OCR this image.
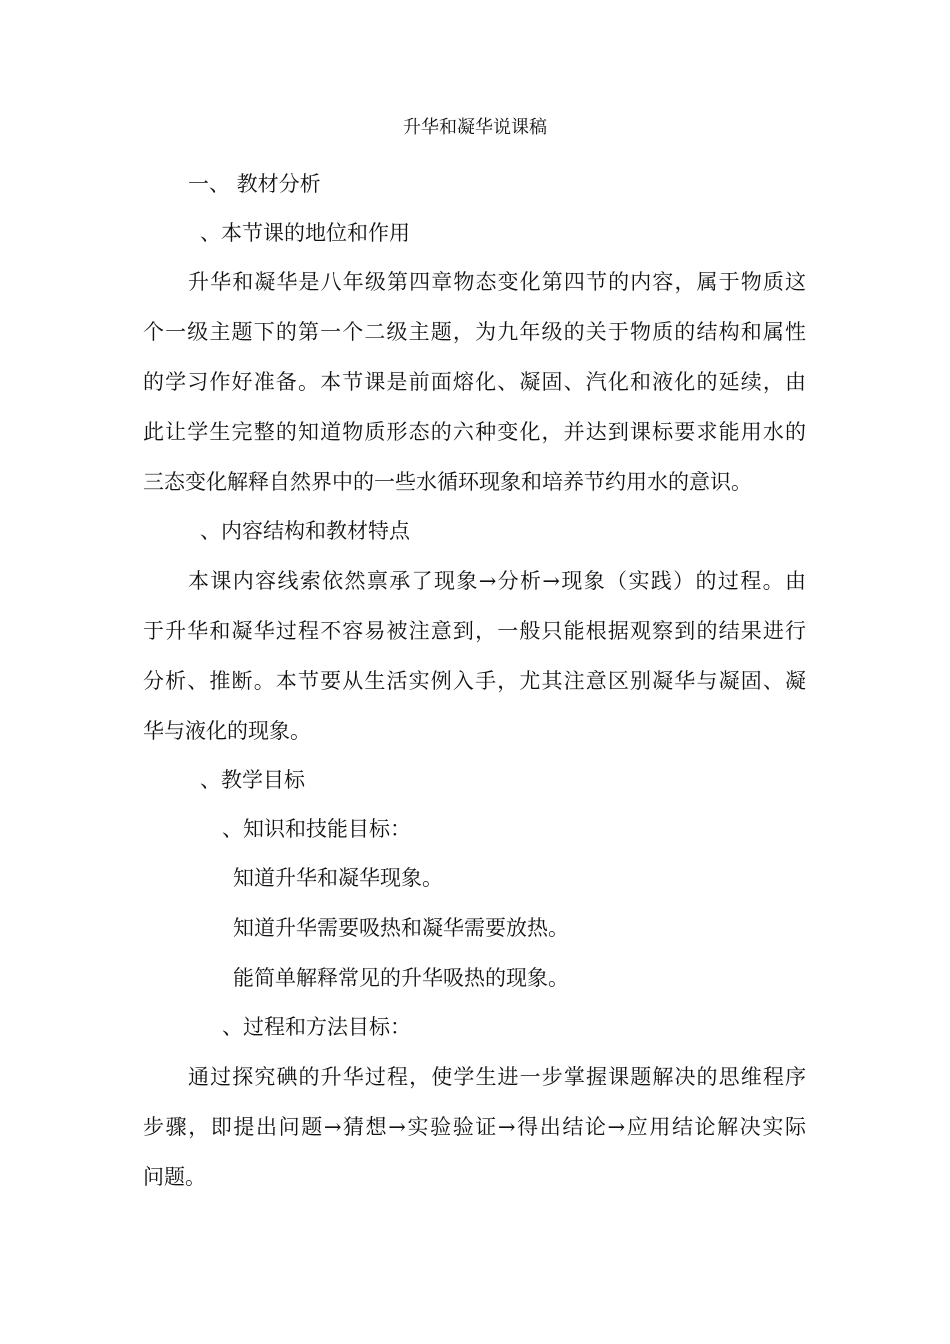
升华和凝华说课稿
一、 教材分析
、本节课的地位和作用
升华和凝华是八年级第四章物态变化第四节的内容，属于物质这
个一级主题下的第一个二级主题，为九年级的关于物质的结构和属性
的学习作好准备。本节课是前面熔化、凝固、汽化和液化的延续，由
此让学生完整的知道物质形态的六种变化，并达到课标要求能用水的
三态变化解释自然界中的一些水循环现象和培养节约用水的意识。
、内容结构和教材特点
本课内容线索依然禀承了现象→分析→现象（实践）的过程。由
于升华和凝华过程不容易被注意到，一般只能根据观察到的结果进行
分析、推断。本节要从生活实例入手，尤其注意区别凝华与凝固、凝
华与液化的现象。
、教学目标
、知识和技能目标：
知道升华和凝华现象。
知道升华需要吸热和凝华需要放热。
能简单解释常见的升华吸热的现象。
、过程和方法目标：
通过探究碘的升华过程，使学生进一步掌握课题解决的思维程序
步骤，即提出问题→猜想→实验验证→得出结论→应用结论解决实际
问题。
